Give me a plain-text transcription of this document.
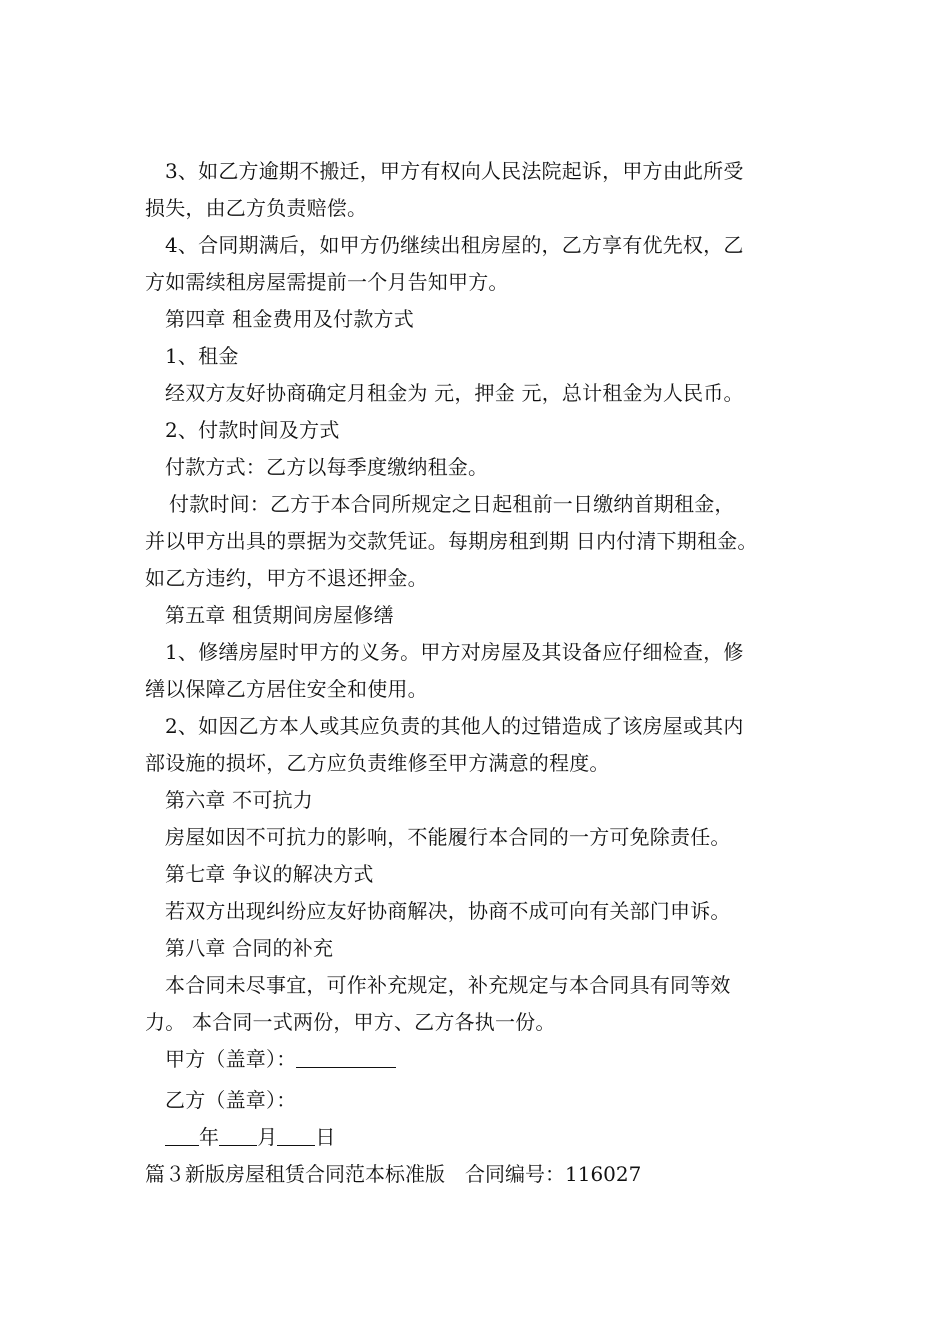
3、如乙方逾期不搬迁，甲方有权向人民法院起诉，甲方由此所受
损失，由乙方负责赔偿。
4、合同期满后，如甲方仍继续出租房屋的，乙方享有优先权，乙
方如需续租房屋需提前一个月告知甲方。
第四章 租金费用及付款方式
1、租金
经双方友好协商确定月租金为 元，押金 元，总计租金为人民币。
2、付款时间及方式
付款方式：乙方以每季度缴纳租金。
付款时间：乙方于本合同所规定之日起租前一日缴纳首期租金，
并以甲方出具的票据为交款凭证。每期房租到期 日内付清下期租金。
如乙方违约，甲方不退还押金。
第五章 租赁期间房屋修缮
1、修缮房屋时甲方的义务。甲方对房屋及其设备应仔细检查，修
缮以保障乙方居住安全和使用。
2、如因乙方本人或其应负责的其他人的过错造成了该房屋或其内
部设施的损坏，乙方应负责维修至甲方满意的程度。
第六章 不可抗力
房屋如因不可抗力的影响，不能履行本合同的一方可免除责任。
第七章 争议的解决方式
若双方出现纠纷应友好协商解决，协商不成可向有关部门申诉。
第八章 合同的补充
本合同未尽事宜，可作补充规定，补充规定与本合同具有同等效
力。 本合同一式两份，甲方、乙方各执一份。
甲方（盖章）：
乙方（盖章）：
年 月 日
篇３新版房屋租赁合同范本标准版 合同编号：116027
